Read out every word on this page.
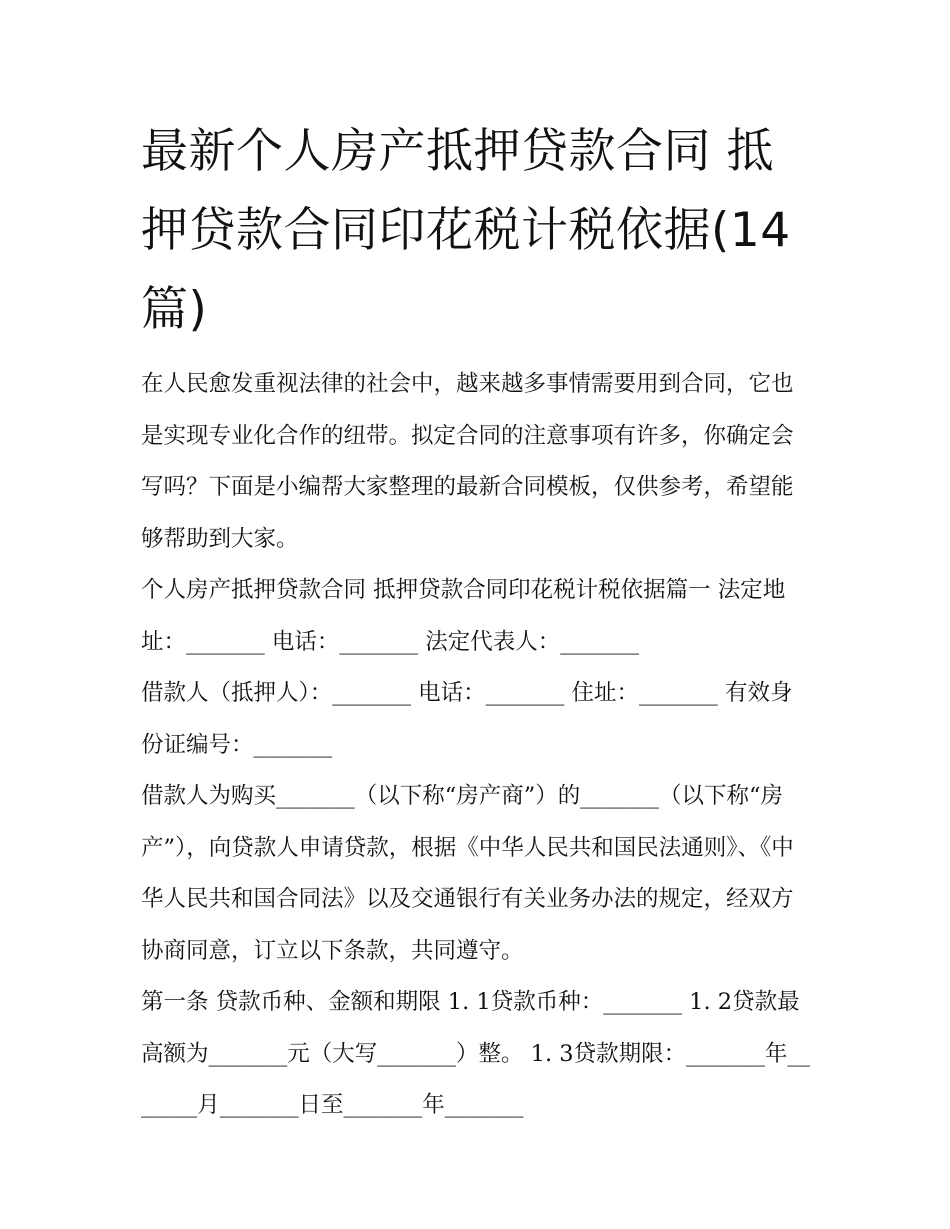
最新个人房产抵押贷款合同 抵押贷款合同印花税计税依据(14篇)

在人民愈发重视法律的社会中，越来越多事情需要用到合同，它也是实现专业化合作的纽带。拟定合同的注意事项有许多，你确定会写吗？下面是小编帮大家整理的最新合同模板，仅供参考，希望能够帮助到大家。

个人房产抵押贷款合同 抵押贷款合同印花税计税依据篇一 法定地址：_______ 电话：_______ 法定代表人：_______

借款人（抵押人）：_______ 电话：_______ 住址：_______ 有效身份证编号：_______

借款人为购买_______（以下称“房产商”）的_______（以下称“房产”），向贷款人申请贷款，根据《中华人民共和国民法通则》、《中华人民共和国合同法》以及交通银行有关业务办法的规定，经双方协商同意，订立以下条款，共同遵守。

第一条 贷款币种、金额和期限 1. 1贷款币种：_______ 1. 2贷款最高额为_______元（大写_______）整。 1. 3贷款期限：_______年_______月_______日至_______年_______
